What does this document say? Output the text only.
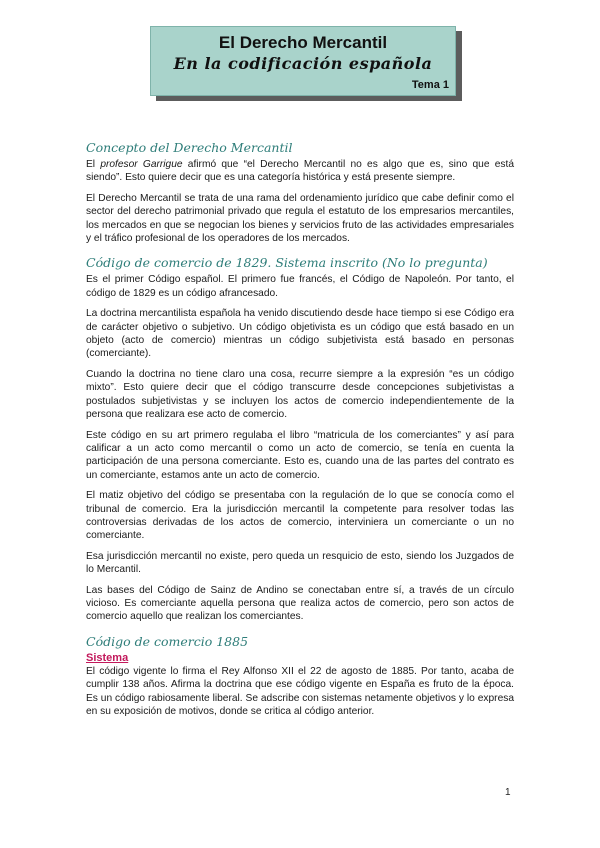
El Derecho Mercantil
En la codificación española
Tema 1
Concepto del Derecho Mercantil

El profesor Garrigue afirmó que “el Derecho Mercantil no es algo que es, sino que está siendo”. Esto quiere decir que es una categoría histórica y está presente siempre.

El Derecho Mercantil se trata de una rama del ordenamiento jurídico que cabe definir como el sector del derecho patrimonial privado que regula el estatuto de los empresarios mercantiles, los mercados en que se negocian los bienes y servicios fruto de las actividades empresariales y el tráfico profesional de los operadores de los mercados.

Código de comercio de 1829. Sistema inscrito (No lo pregunta)

Es el primer Código español. El primero fue francés, el Código de Napoleón. Por tanto, el código de 1829 es un código afrancesado.

La doctrina mercantilista española ha venido discutiendo desde hace tiempo si ese Código era de carácter objetivo o subjetivo. Un código objetivista es un código que está basado en un objeto (acto de comercio) mientras un código subjetivista está basado en personas (comerciante).

Cuando la doctrina no tiene claro una cosa, recurre siempre a la expresión “es un código mixto”. Esto quiere decir que el código transcurre desde concepciones subjetivistas a postulados subjetivistas y se incluyen los actos de comercio independientemente de la persona que realizara ese acto de comercio.

Este código en su art primero regulaba el libro “matricula de los comerciantes” y así para calificar a un acto como mercantil o como un acto de comercio, se tenía en cuenta la participación de una persona comerciante. Esto es, cuando una de las partes del contrato es un comerciante, estamos ante un acto de comercio.

El matiz objetivo del código se presentaba con la regulación de lo que se conocía como el tribunal de comercio. Era la jurisdicción mercantil la competente para resolver todas las controversias derivadas de los actos de comercio, interviniera un comerciante o un no comerciante.

Esa jurisdicción mercantil no existe, pero queda un resquicio de esto, siendo los Juzgados de lo Mercantil.

Las bases del Código de Sainz de Andino se conectaban entre sí, a través de un círculo vicioso. Es comerciante aquella persona que realiza actos de comercio, pero son actos de comercio aquello que realizan los comerciantes.

Código de comercio 1885
Sistema

El código vigente lo firma el Rey Alfonso XII el 22 de agosto de 1885. Por tanto, acaba de cumplir 138 años. Afirma la doctrina que ese código vigente en España es fruto de la época. Es un código rabiosamente liberal. Se adscribe con sistemas netamente objetivos y lo expresa en su exposición de motivos, donde se critica al código anterior.

1
